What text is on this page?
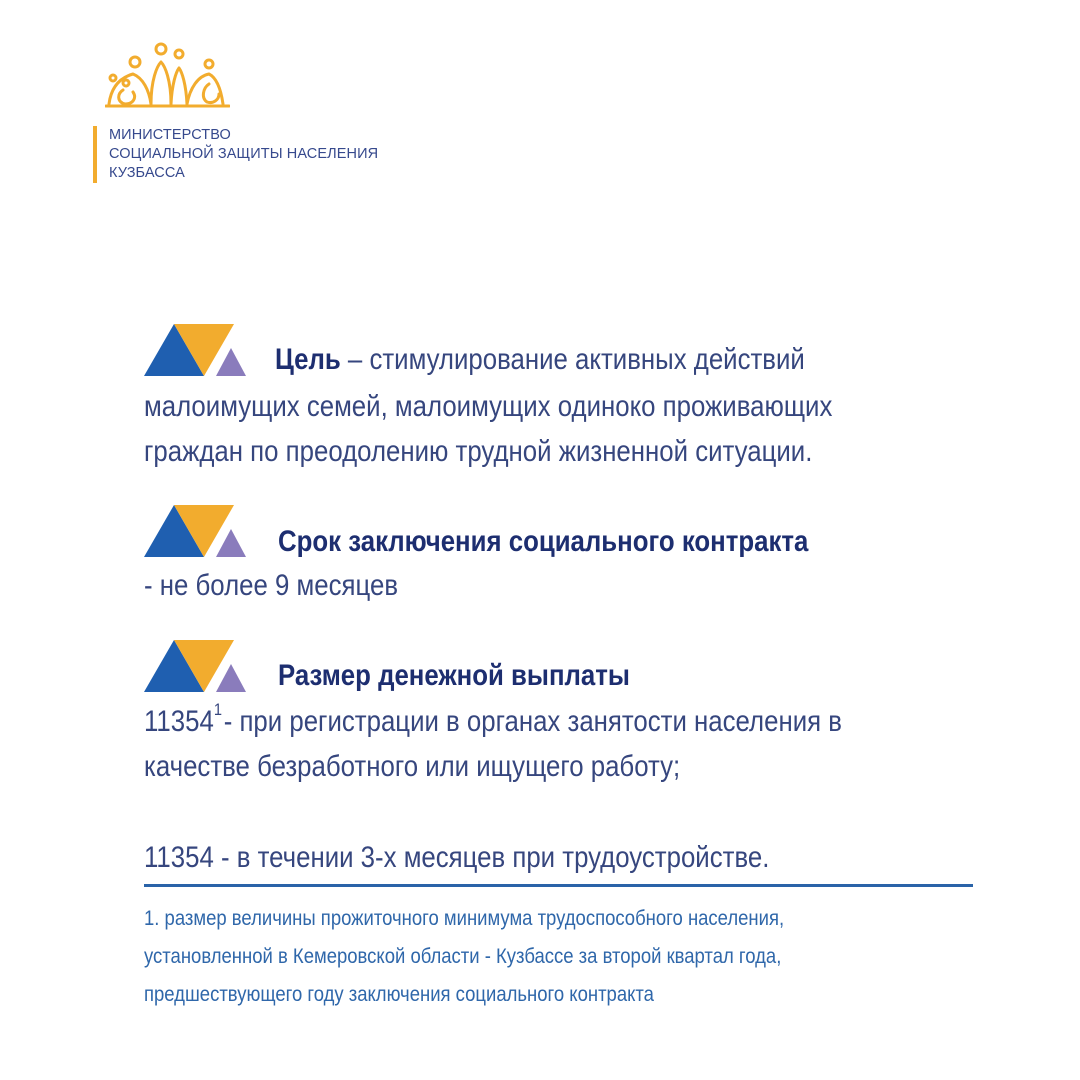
МИНИСТЕРСТВО
СОЦИАЛЬНОЙ ЗАЩИТЫ НАСЕЛЕНИЯ
КУЗБАССА
Цель – стимулирование активных действий
малоимущих семей, малоимущих одиноко проживающих
граждан по преодолению трудной жизненной ситуации.
Срок заключения социального контракта
- не более 9 месяцев
Размер денежной выплаты
11354$^1$- при регистрации в органах занятости населения в
качестве безработного или ищущего работу;
11354 - в течении 3-х месяцев при трудоустройстве.
1. размер величины прожиточного минимума трудоспособного населения,
установленной в Кемеровской области - Кузбассе за второй квартал года,
предшествующего году заключения социального контракта
